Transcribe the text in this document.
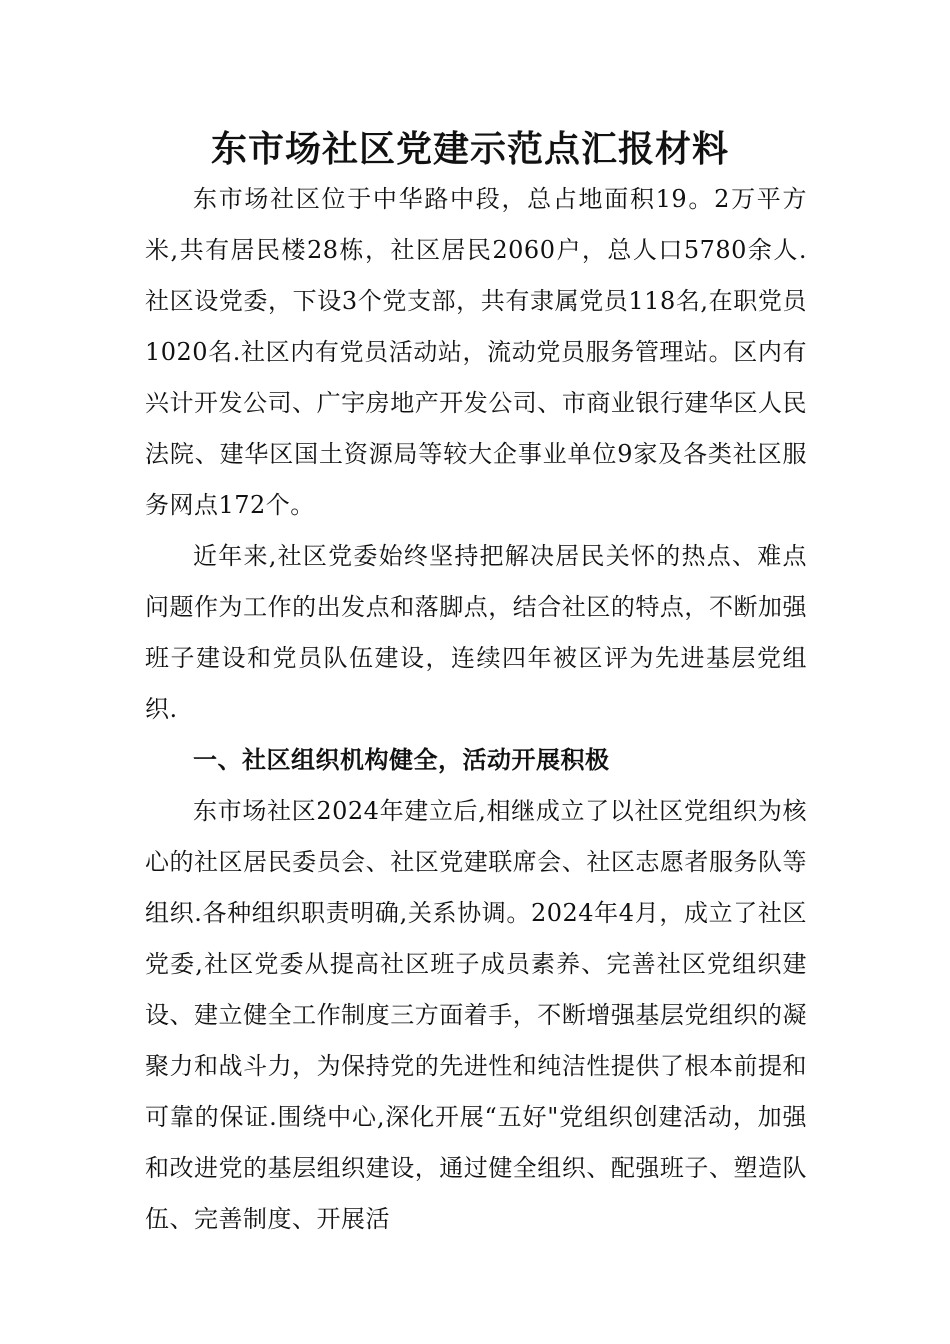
东市场社区党建示范点汇报材料

东市场社区位于中华路中段，总占地面积19。2万平方米,共有居民楼28栋，社区居民2060户，总人口5780余人.社区设党委，下设3个党支部，共有隶属党员118名,在职党员1020名.社区内有党员活动站，流动党员服务管理站。区内有兴计开发公司、广宇房地产开发公司、市商业银行建华区人民法院、建华区国土资源局等较大企事业单位9家及各类社区服务网点172个。

近年来,社区党委始终坚持把解决居民关怀的热点、难点问题作为工作的出发点和落脚点，结合社区的特点，不断加强班子建设和党员队伍建设，连续四年被区评为先进基层党组织.

一、社区组织机构健全，活动开展积极

东市场社区2024年建立后,相继成立了以社区党组织为核心的社区居民委员会、社区党建联席会、社区志愿者服务队等组织.各种组织职责明确,关系协调。2024年4月，成立了社区党委,社区党委从提高社区班子成员素养、完善社区党组织建设、建立健全工作制度三方面着手，不断增强基层党组织的凝聚力和战斗力，为保持党的先进性和纯洁性提供了根本前提和可靠的保证.围绕中心,深化开展“五好"党组织创建活动，加强和改进党的基层组织建设，通过健全组织、配强班子、塑造队伍、完善制度、开展活
